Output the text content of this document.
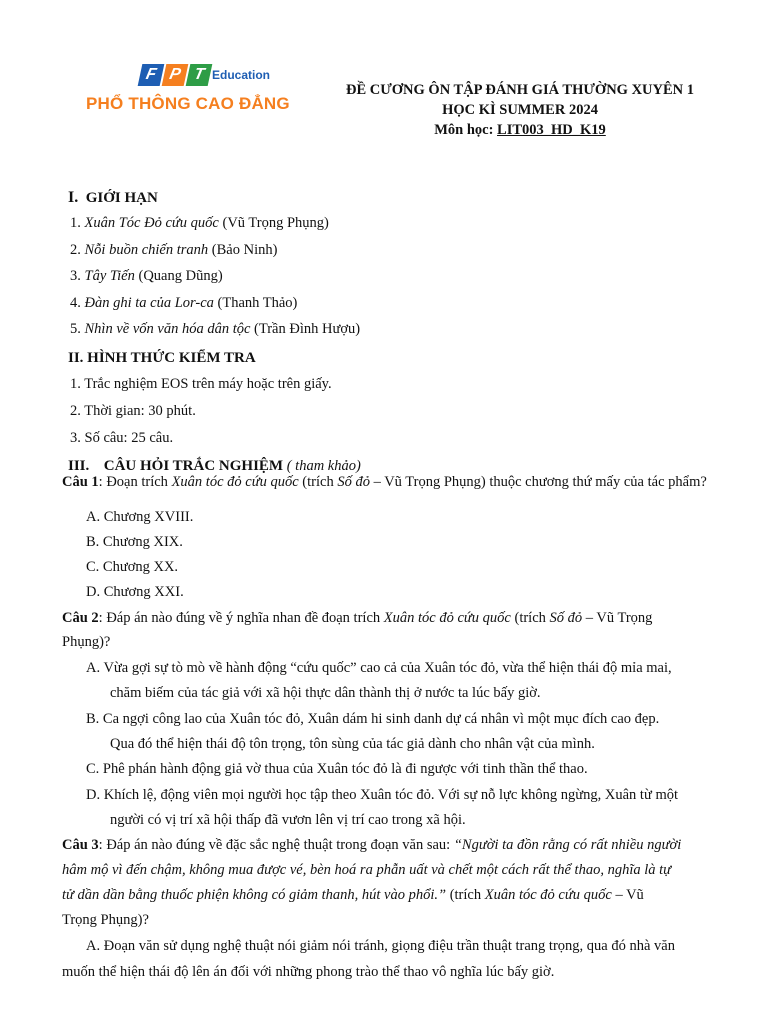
F P T Education
PHỔ THÔNG CAO ĐẲNG
ĐỀ CƯƠNG ÔN TẬP ĐÁNH GIÁ THƯỜNG XUYÊN 1
HỌC KÌ SUMMER 2024
Môn học: LIT003_HD_K19
I. GIỚI HẠN
1. Xuân Tóc Đỏ cứu quốc (Vũ Trọng Phụng)
2. Nỗi buồn chiến tranh (Bảo Ninh)
3. Tây Tiến (Quang Dũng)
4. Đàn ghi ta của Lor-ca (Thanh Thảo)
5. Nhìn về vốn văn hóa dân tộc (Trần Đình Hượu)
II. HÌNH THỨC KIỂM TRA
1. Trắc nghiệm EOS trên máy hoặc trên giấy.
2. Thời gian: 30 phút.
3. Số câu: 25 câu.
III. CÂU HỎI TRẮC NGHIỆM ( tham khảo)
Câu 1: Đoạn trích Xuân tóc đỏ cứu quốc (trích Số đỏ – Vũ Trọng Phụng) thuộc chương thứ mấy của tác phẩm?
A. Chương XVIII.
B. Chương XIX.
C. Chương XX.
D. Chương XXI.
Câu 2: Đáp án nào đúng về ý nghĩa nhan đề đoạn trích Xuân tóc đỏ cứu quốc (trích Số đỏ – Vũ Trọng
Phụng)?
A. Vừa gợi sự tò mò về hành động “cứu quốc” cao cả của Xuân tóc đỏ, vừa thể hiện thái độ mỉa mai,
chăm biếm của tác giả với xã hội thực dân thành thị ở nước ta lúc bấy giờ.
B. Ca ngợi công lao của Xuân tóc đỏ, Xuân dám hi sinh danh dự cá nhân vì một mục đích cao đẹp.
Qua đó thể hiện thái độ tôn trọng, tôn sùng của tác giả dành cho nhân vật của mình.
C. Phê phán hành động giả vờ thua của Xuân tóc đỏ là đi ngược với tinh thần thể thao.
D. Khích lệ, động viên mọi người học tập theo Xuân tóc đỏ. Với sự nỗ lực không ngừng, Xuân từ một
người có vị trí xã hội thấp đã vươn lên vị trí cao trong xã hội.
Câu 3: Đáp án nào đúng về đặc sắc nghệ thuật trong đoạn văn sau: “Người ta đồn rằng có rất nhiều người
hâm mộ vì đến chậm, không mua được vé, bèn hoá ra phẫn uất và chết một cách rất thể thao, nghĩa là tự
tử dần dần bằng thuốc phiện không có giảm thanh, hút vào phổi.” (trích Xuân tóc đỏ cứu quốc – Vũ
Trọng Phụng)?
A. Đoạn văn sử dụng nghệ thuật nói giảm nói tránh, giọng điệu trần thuật trang trọng, qua đó nhà văn
muốn thể hiện thái độ lên án đối với những phong trào thể thao vô nghĩa lúc bấy giờ.
